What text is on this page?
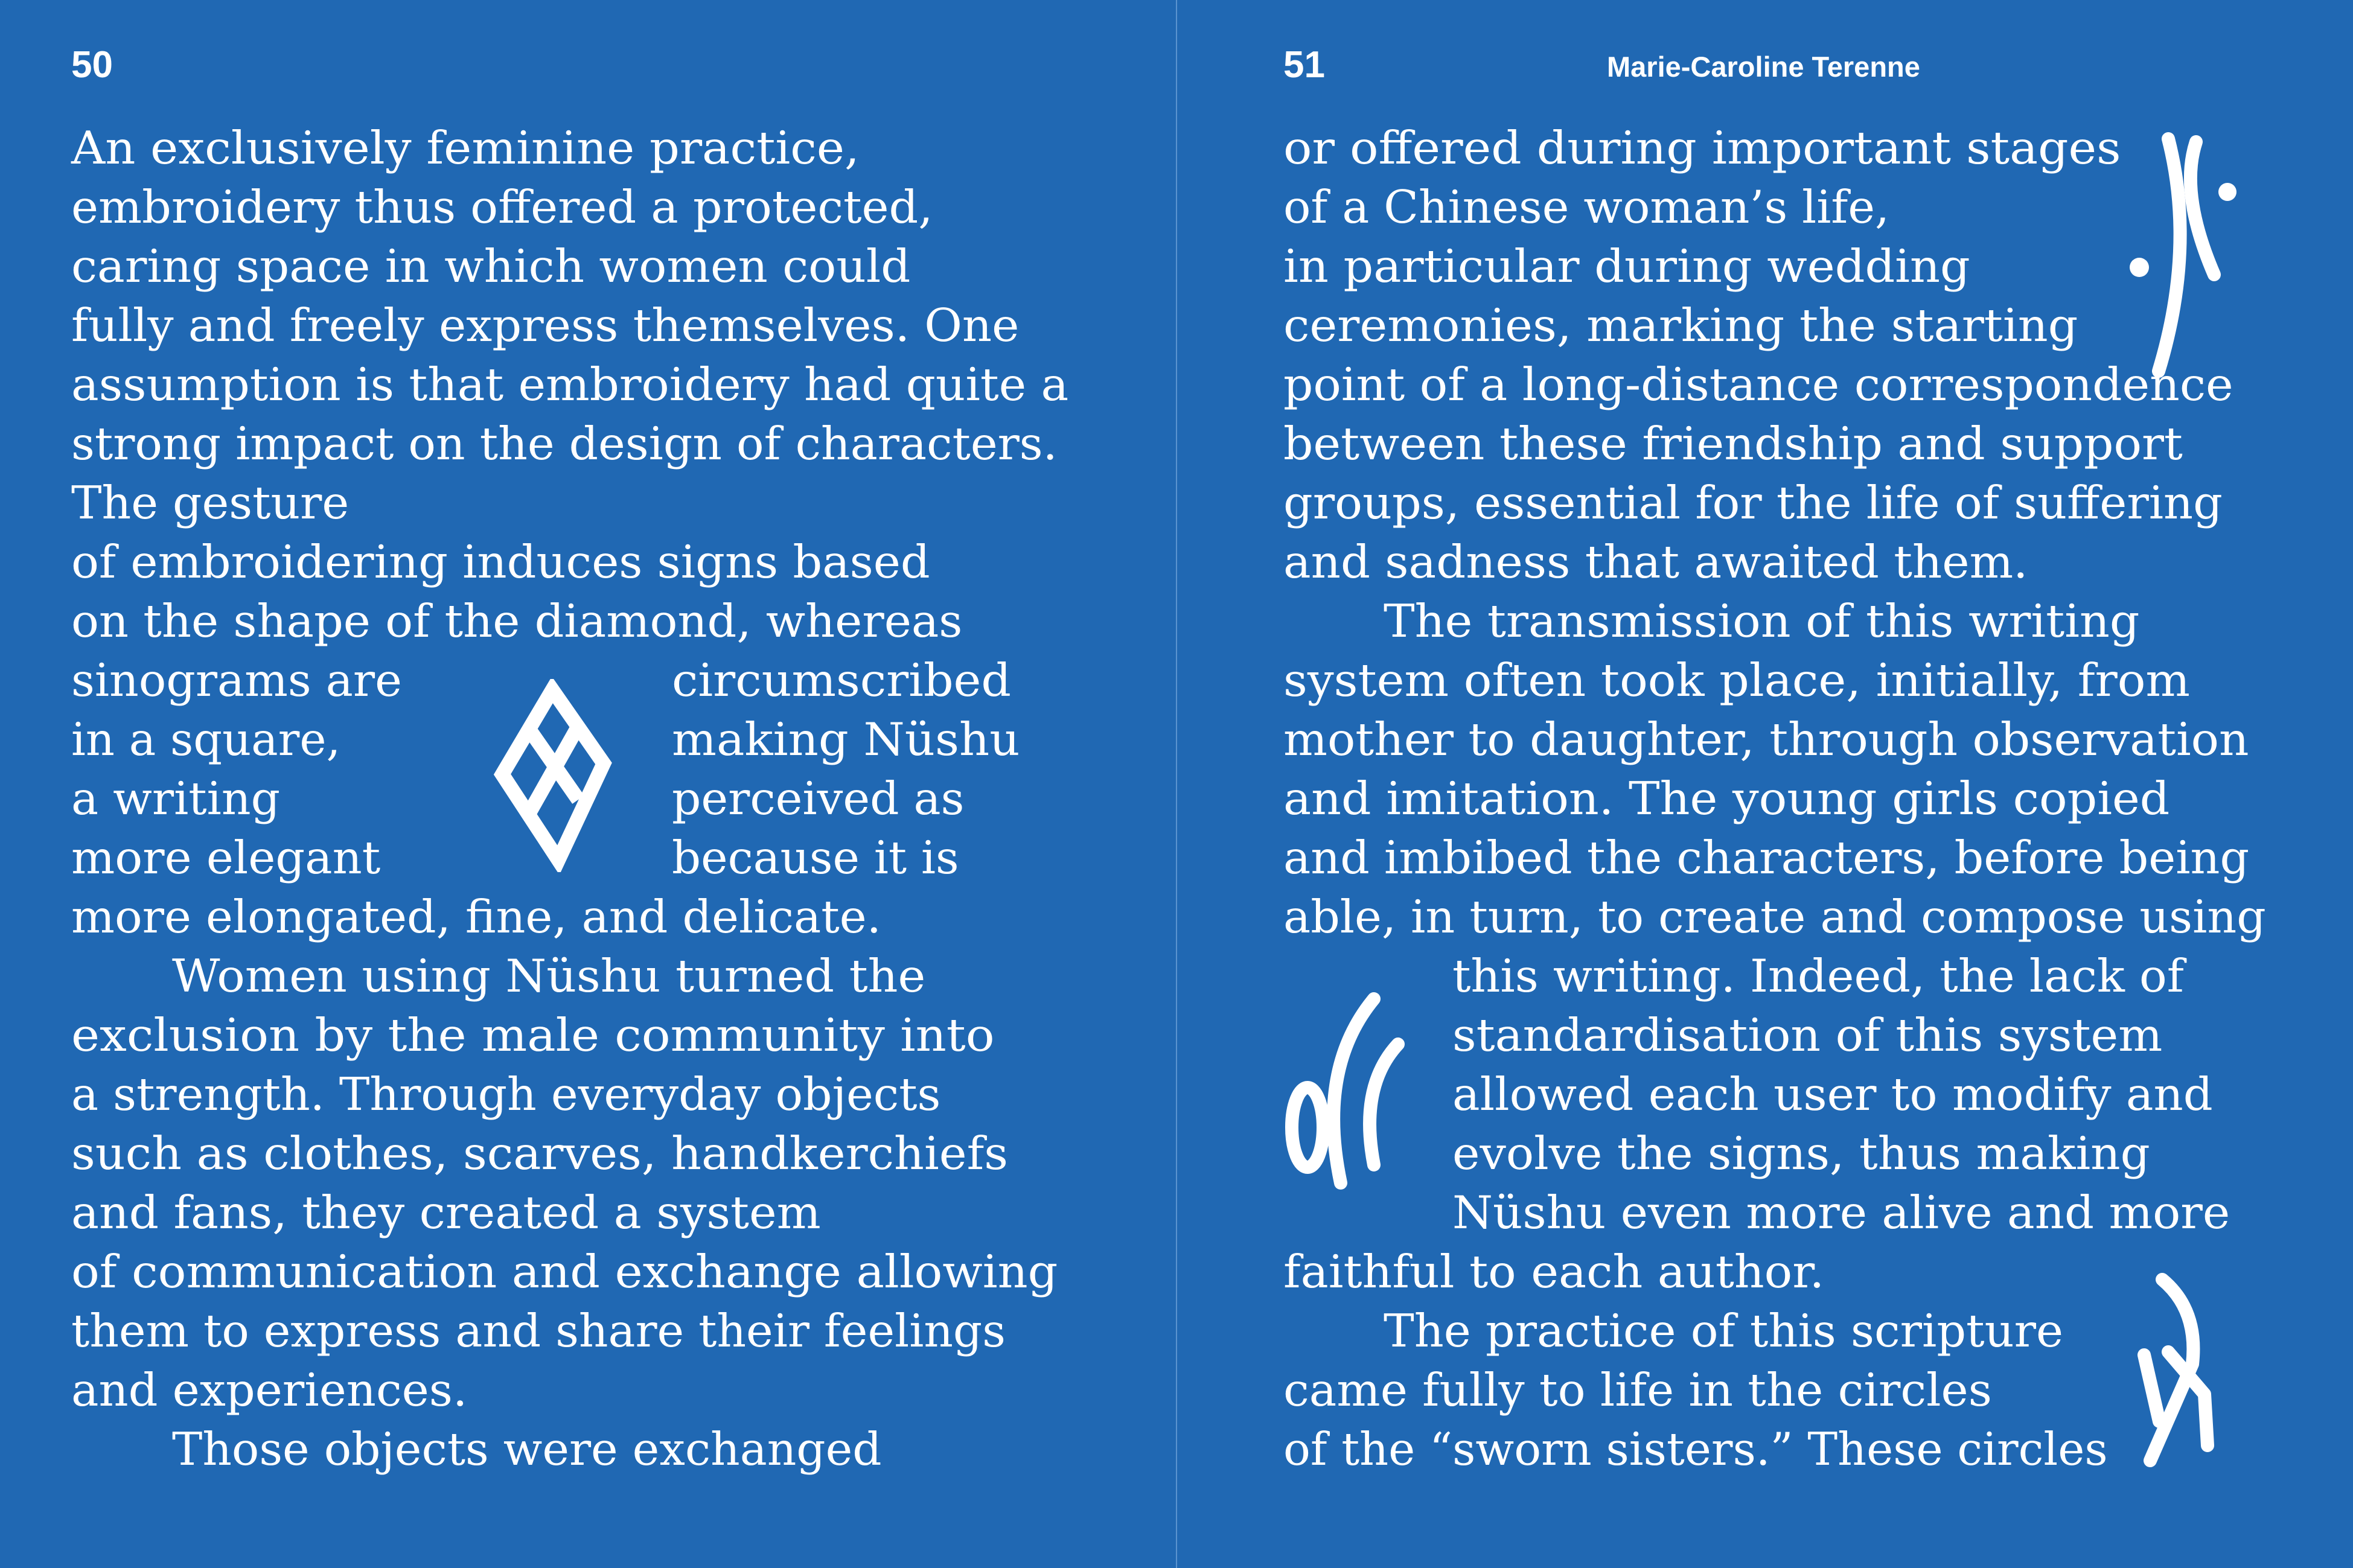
50
An exclusively feminine practice,
embroidery thus offered a protected,
caring space in which women could
fully and freely express themselves. One
assumption is that embroidery had quite a
strong impact on the design of characters.
The gesture
of embroidering induces signs based
on the shape of the diamond, whereas
sinograms are
in a square,
a writing
more elegant
more elongated, fine, and delicate.
Women using Nüshu turned the
exclusion by the male community into
a strength. Through everyday objects
such as clothes, scarves, handkerchiefs
and fans, they created a system
of communication and exchange allowing
them to express and share their feelings
and experiences.
Those objects were exchanged
circumscribed
making Nüshu
perceived as
because it is
51	Marie-Caroline Terenne
or offered during important stages
of a Chinese woman’s life,
in particular during wedding
ceremonies, marking the starting
point of a long-distance correspondence
between these friendship and support
groups, essential for the life of suffering
and sadness that awaited them.
The transmission of this writing
system often took place, initially, from
mother to daughter, through observation
and imitation. The young girls copied
and imbibed the characters, before being
able, in turn, to create and compose using
this writing. Indeed, the lack of
standardisation of this system
allowed each user to modify and
evolve the signs, thus making
Nüshu even more alive and more
faithful to each author.
The practice of this scripture
came fully to life in the circles
of the “sworn sisters.” These circles
